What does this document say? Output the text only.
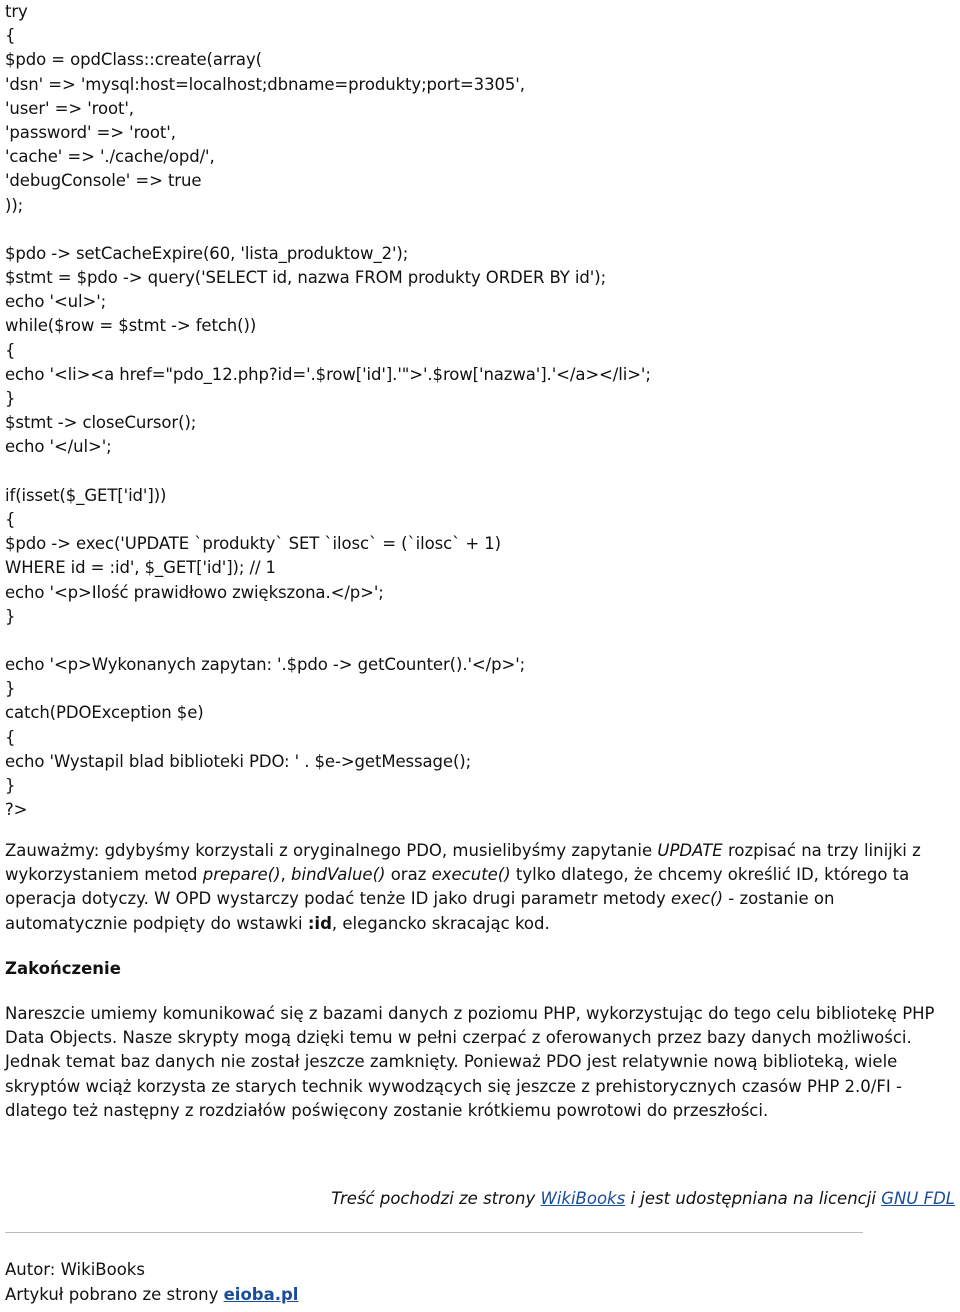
try
{
$pdo = opdClass::create(array(
'dsn' => 'mysql:host=localhost;dbname=produkty;port=3305',
'user' => 'root',
'password' => 'root',
'cache' => './cache/opd/',
'debugConsole' => true
));
$pdo -> setCacheExpire(60, 'lista_produktow_2');
$stmt = $pdo -> query('SELECT id, nazwa FROM produkty ORDER BY id');
echo '<ul>';
while($row = $stmt -> fetch())
{
echo '<li><a href="pdo_12.php?id='.$row['id'].'">'.$row['nazwa'].'</a></li>';
}
$stmt -> closeCursor();
echo '</ul>';
if(isset($_GET['id']))
{
$pdo -> exec('UPDATE `produkty` SET `ilosc` = (`ilosc` + 1)
WHERE id = :id', $_GET['id']); // 1
echo '<p>Ilość prawidłowo zwiększona.</p>';
}
echo '<p>Wykonanych zapytan: '.$pdo -> getCounter().'</p>';
}
catch(PDOException $e)
{
echo 'Wystapil blad biblioteki PDO: ' . $e->getMessage();
}
?>

Zauważmy: gdybyśmy korzystali z oryginalnego PDO, musielibyśmy zapytanie UPDATE rozpisać na trzy linijki z wykorzystaniem metod prepare(), bindValue() oraz execute() tylko dlatego, że chcemy określić ID, którego ta operacja dotyczy. W OPD wystarczy podać tenże ID jako drugi parametr metody exec() - zostanie on automatycznie podpięty do wstawki :id, elegancko skracając kod.

Zakończenie

Nareszcie umiemy komunikować się z bazami danych z poziomu PHP, wykorzystując do tego celu bibliotekę PHP Data Objects. Nasze skrypty mogą dzięki temu w pełni czerpać z oferowanych przez bazy danych możliwości. Jednak temat baz danych nie został jeszcze zamknięty. Ponieważ PDO jest relatywnie nową biblioteką, wiele skryptów wciąż korzysta ze starych technik wywodzących się jeszcze z prehistorycznych czasów PHP 2.0/FI - dlatego też następny z rozdziałów poświęcony zostanie krótkiemu powrotowi do przeszłości.

Treść pochodzi ze strony WikiBooks i jest udostępniana na licencji GNU FDL
Autor: WikiBooks
Artykuł pobrano ze strony eioba.pl
